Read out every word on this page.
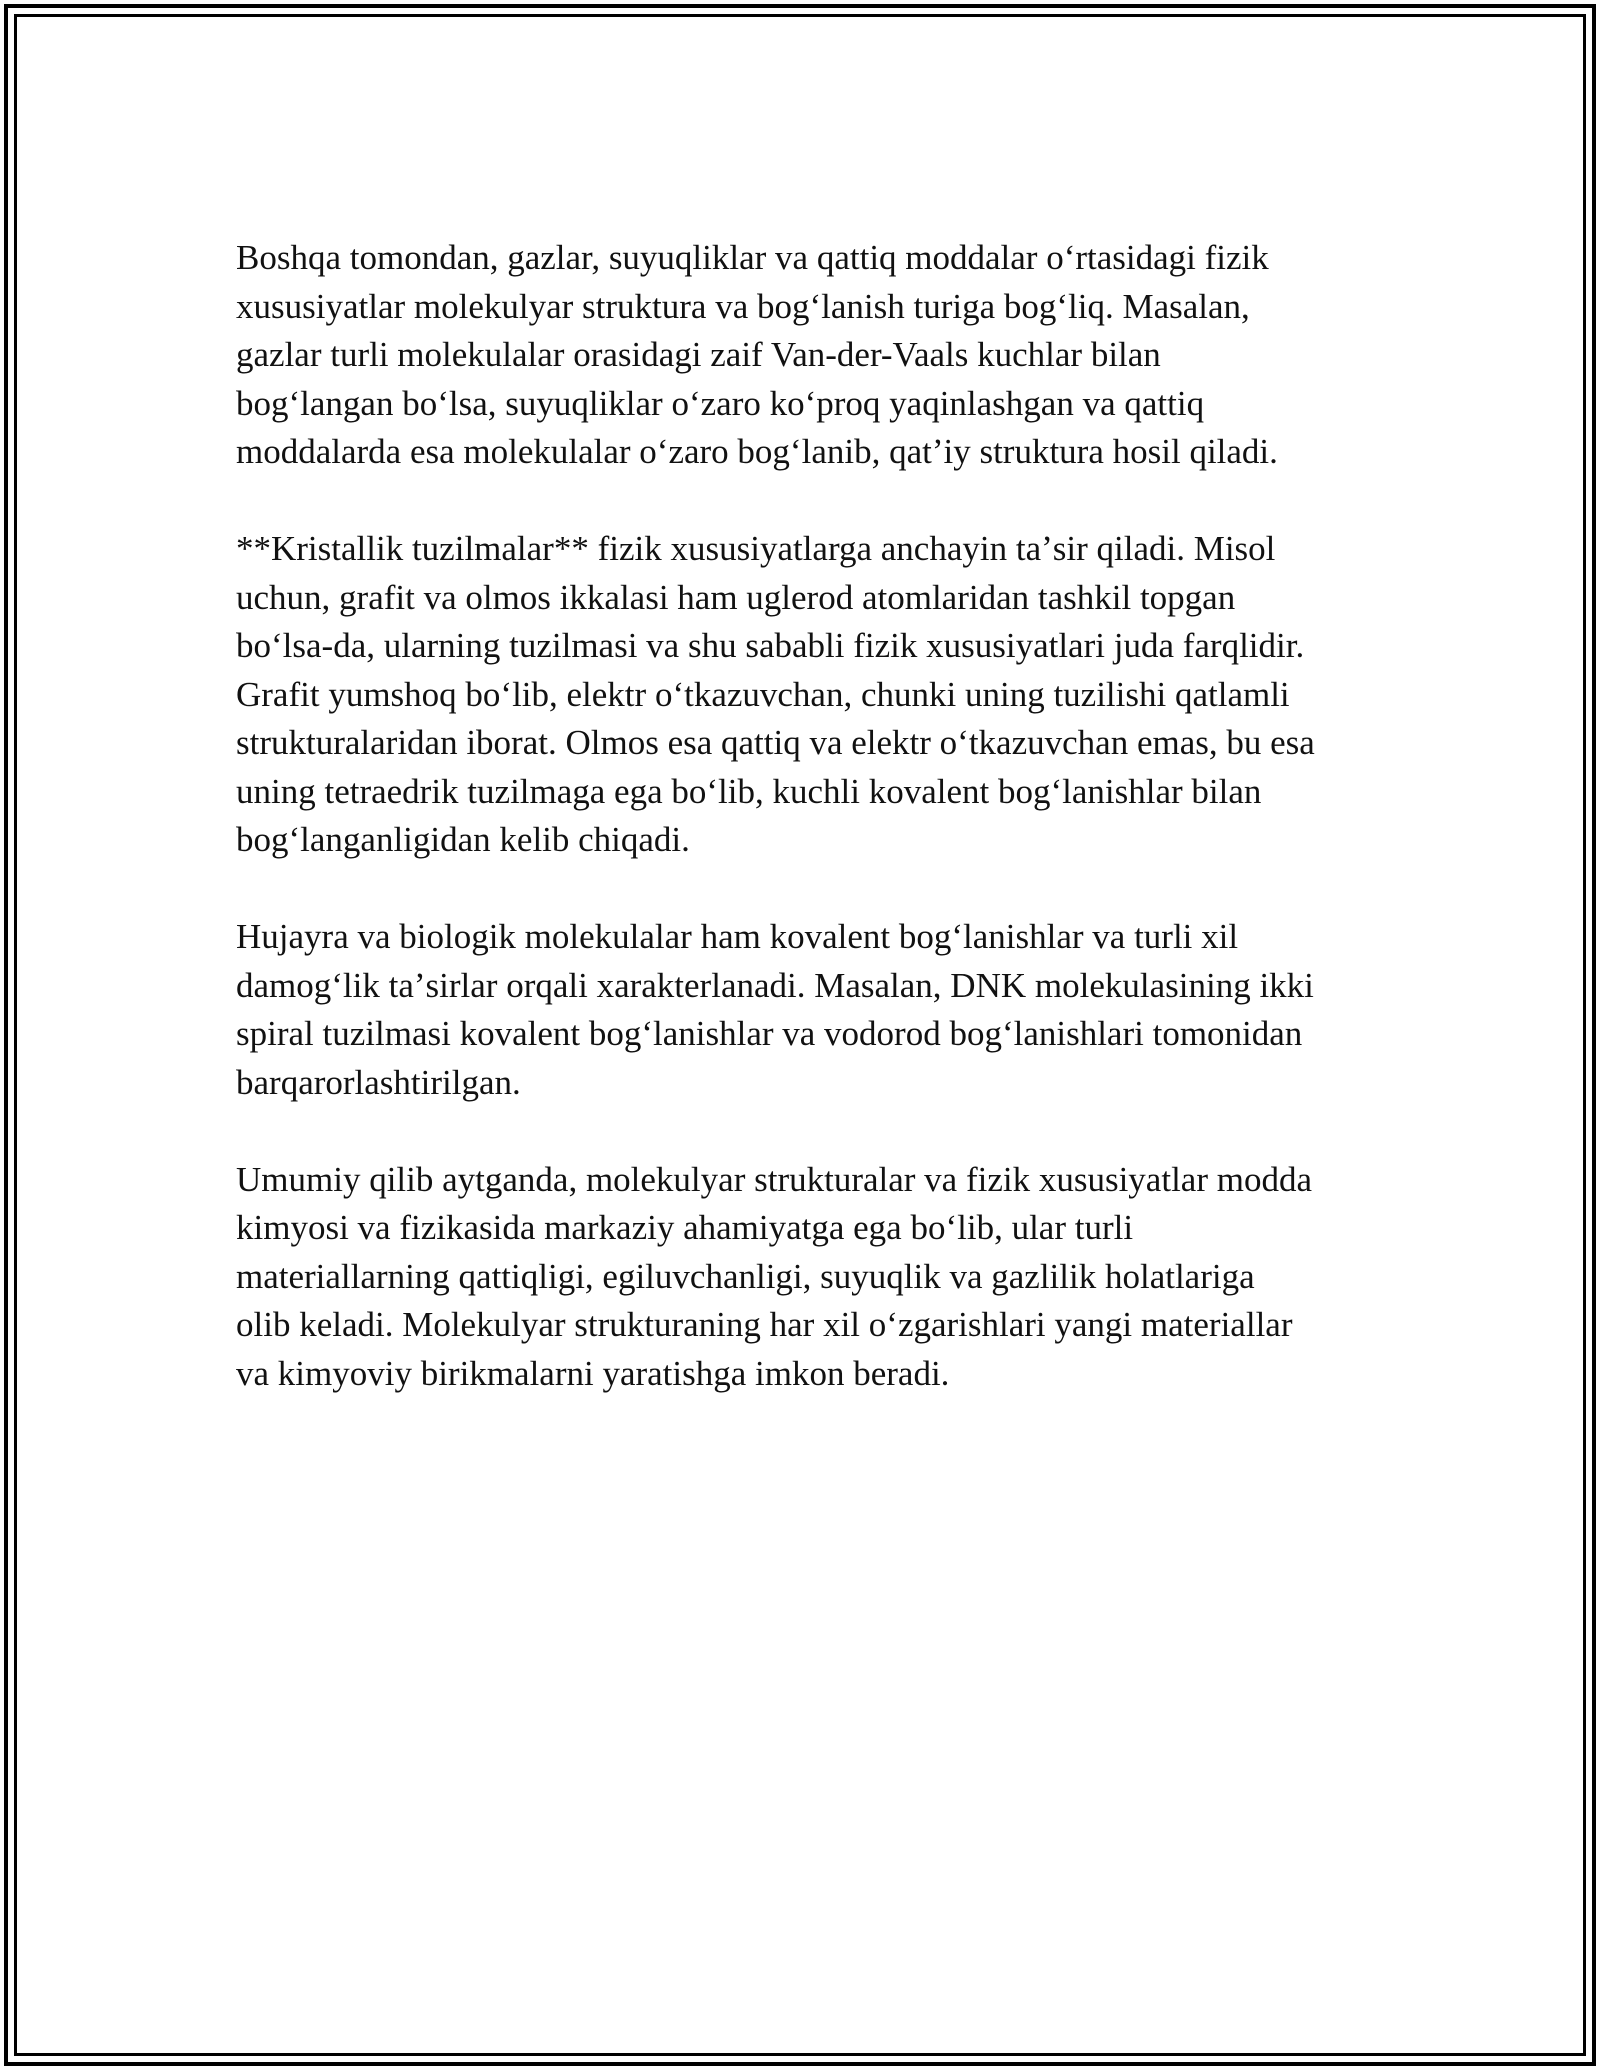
Boshqa tomondan, gazlar, suyuqliklar va qattiq moddalar oʻrtasidagi fizik
xususiyatlar molekulyar struktura va bogʻlanish turiga bogʻliq. Masalan,
gazlar turli molekulalar orasidagi zaif Van-der-Vaals kuchlar bilan
bogʻlangan boʻlsa, suyuqliklar oʻzaro koʻproq yaqinlashgan va qattiq
moddalarda esa molekulalar oʻzaro bogʻlanib, qatʼiy struktura hosil qiladi.

**Kristallik tuzilmalar** fizik xususiyatlarga anchayin taʼsir qiladi. Misol
uchun, grafit va olmos ikkalasi ham uglerod atomlaridan tashkil topgan
boʻlsa-da, ularning tuzilmasi va shu sababli fizik xususiyatlari juda farqlidir.
Grafit yumshoq boʻlib, elektr oʻtkazuvchan, chunki uning tuzilishi qatlamli
strukturalaridan iborat. Olmos esa qattiq va elektr oʻtkazuvchan emas, bu esa
uning tetraedrik tuzilmaga ega boʻlib, kuchli kovalent bogʻlanishlar bilan
bogʻlanganligidan kelib chiqadi.

Hujayra va biologik molekulalar ham kovalent bogʻlanishlar va turli xil
damogʻlik taʼsirlar orqali xarakterlanadi. Masalan, DNK molekulasining ikki
spiral tuzilmasi kovalent bogʻlanishlar va vodorod bogʻlanishlari tomonidan
barqarorlashtirilgan.

Umumiy qilib aytganda, molekulyar strukturalar va fizik xususiyatlar modda
kimyosi va fizikasida markaziy ahamiyatga ega boʻlib, ular turli
materiallarning qattiqligi, egiluvchanligi, suyuqlik va gazlilik holatlariga
olib keladi. Molekulyar strukturaning har xil oʻzgarishlari yangi materiallar
va kimyoviy birikmalarni yaratishga imkon beradi.
